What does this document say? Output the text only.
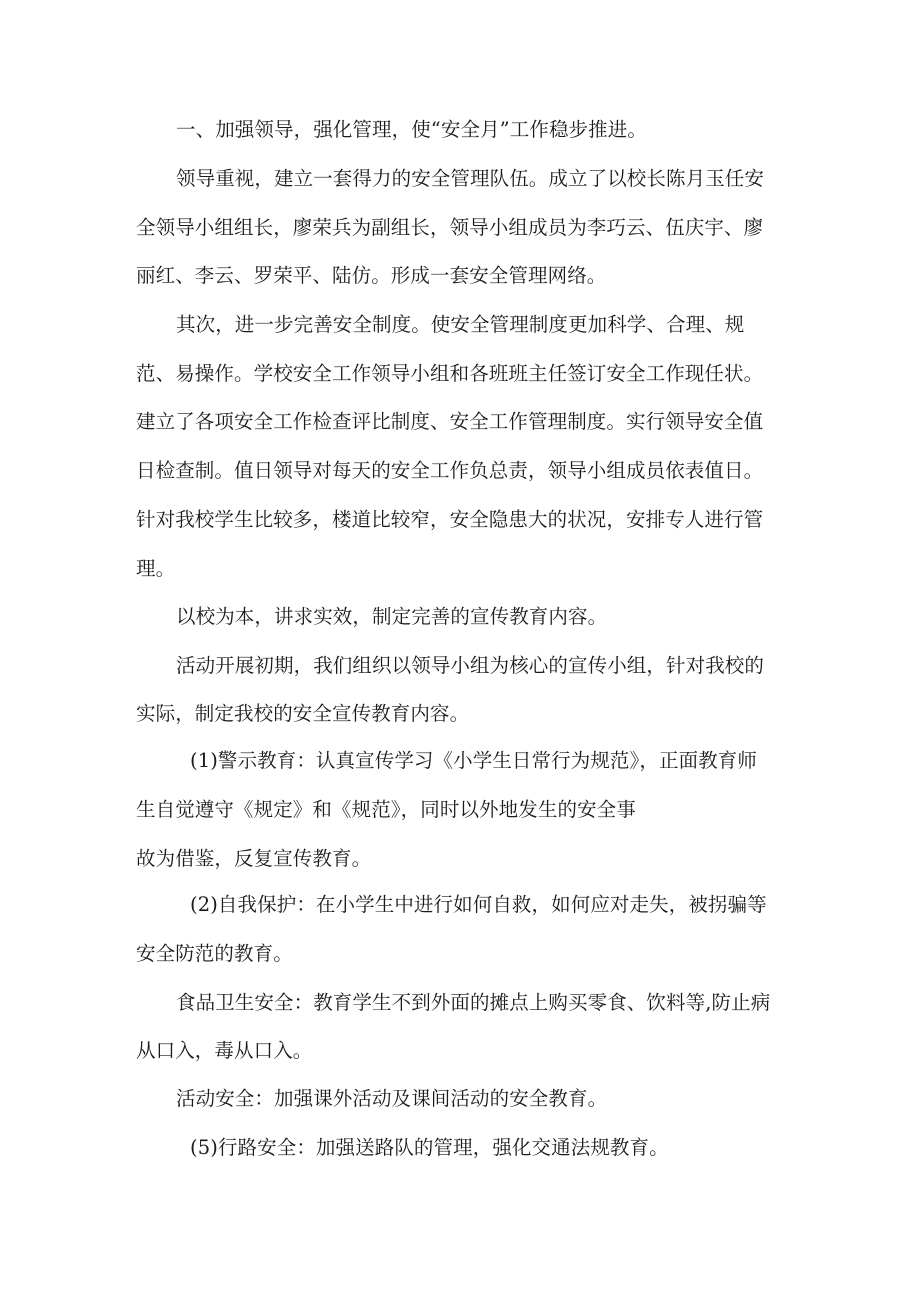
一、加强领导，强化管理，使“安全月”工作稳步推进。
领导重视，建立一套得力的安全管理队伍。成立了以校长陈月玉任安
全领导小组组长，廖荣兵为副组长，领导小组成员为李巧云、伍庆宇、廖
丽红、李云、罗荣平、陆仿。形成一套安全管理网络。
其次，进一步完善安全制度。使安全管理制度更加科学、合理、规
范、易操作。学校安全工作领导小组和各班班主任签订安全工作现任状。
建立了各项安全工作检查评比制度、安全工作管理制度。实行领导安全值
日检查制。值日领导对每天的安全工作负总责，领导小组成员依表值日。
针对我校学生比较多，楼道比较窄，安全隐患大的状况，安排专人进行管
理。
以校为本，讲求实效，制定完善的宣传教育内容。
活动开展初期，我们组织以领导小组为核心的宣传小组，针对我校的
实际，制定我校的安全宣传教育内容。
(1)警示教育：认真宣传学习《小学生日常行为规范》，正面教育师
生自觉遵守《规定》和《规范》，同时以外地发生的安全事
故为借鉴，反复宣传教育。
(2)自我保护：在小学生中进行如何自救，如何应对走失，被拐骗等
安全防范的教育。
食品卫生安全：教育学生不到外面的摊点上购买零食、饮料等,防止病
从口入，毒从口入。
活动安全：加强课外活动及课间活动的安全教育。
(5)行路安全：加强送路队的管理，强化交通法规教育。
